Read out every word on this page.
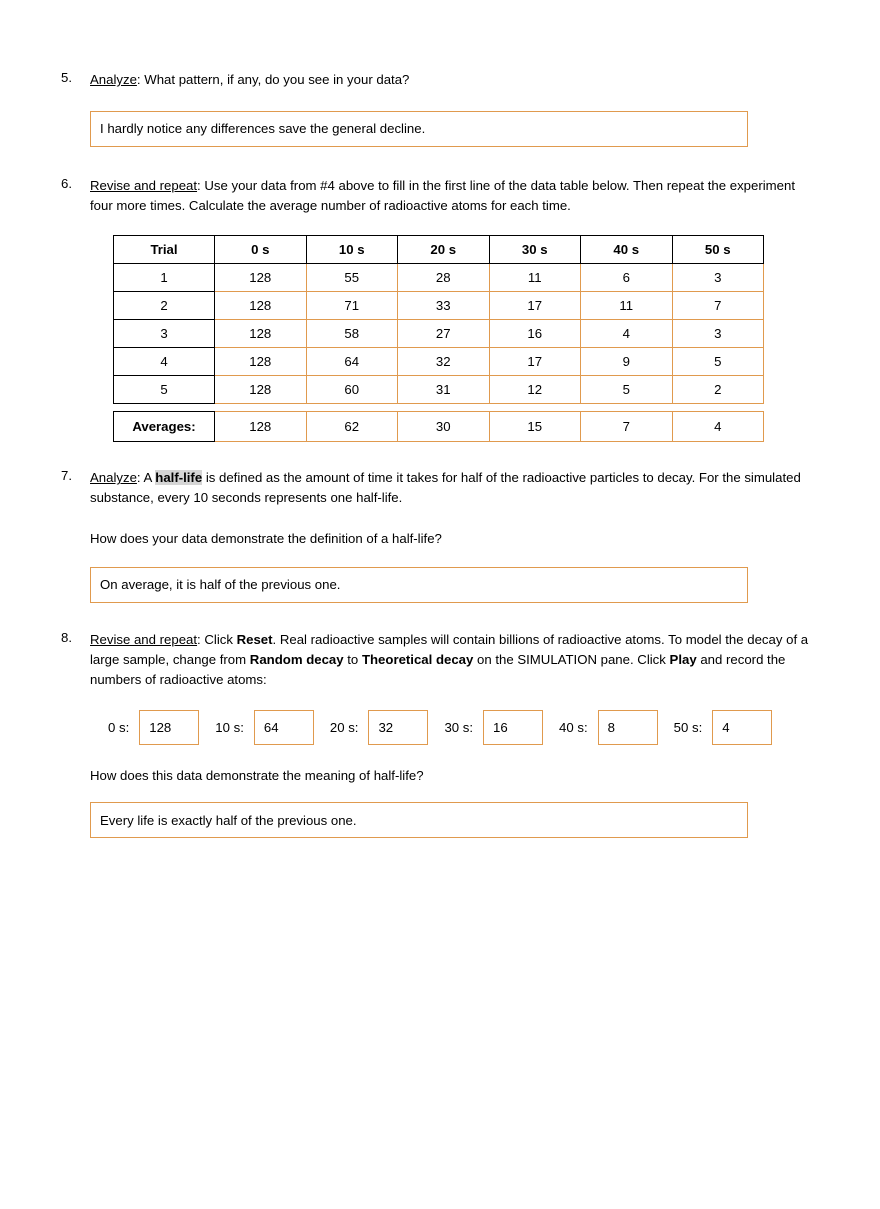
5.	Analyze: What pattern, if any, do you see in your data?
I hardly notice any differences save the general decline.
6.	Revise and repeat: Use your data from #4 above to fill in the first line of the data table below. Then repeat the experiment four more times. Calculate the average number of radioactive atoms for each time.
Trial	0 s	10 s	20 s	30 s	40 s	50 s
1	128	55	28	11	6	3
2	128	71	33	17	11	7
3	128	58	27	16	4	3
4	128	64	32	17	9	5
5	128	60	31	12	5	2
Averages:	128	62	30	15	7	4
7.	Analyze: A half-life is defined as the amount of time it takes for half of the radioactive particles to decay. For the simulated substance, every 10 seconds represents one half-life.
How does your data demonstrate the definition of a half-life?
On average, it is half of the previous one.
8.	Revise and repeat: Click Reset. Real radioactive samples will contain billions of radioactive atoms. To model the decay of a large sample, change from Random decay to Theoretical decay on the SIMULATION pane. Click Play and record the numbers of radioactive atoms:
0 s: 128	10 s: 64	20 s: 32	30 s: 16	40 s: 8	50 s: 4
How does this data demonstrate the meaning of half-life?
Every life is exactly half of the previous one.
